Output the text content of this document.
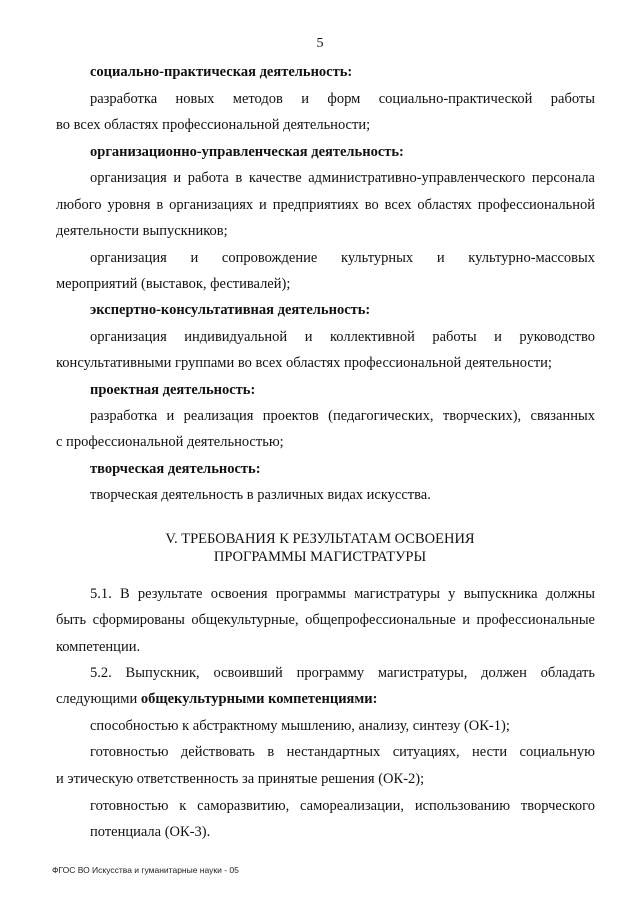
5
социально-практическая деятельность:
разработка новых методов и форм социально-практической работы
во всех областях профессиональной деятельности;
организационно-управленческая деятельность:
организация и работа в качестве административно-управленческого персонала
любого уровня в организациях и предприятиях во всех областях профессиональной
деятельности выпускников;
организация и сопровождение культурных и культурно-массовых
мероприятий (выставок, фестивалей);
экспертно-консультативная деятельность:
организация индивидуальной и коллективной работы и руководство
консультативными группами во всех областях профессиональной деятельности;
проектная деятельность:
разработка и реализация проектов (педагогических, творческих), связанных
с профессиональной деятельностью;
творческая деятельность:
творческая деятельность в различных видах искусства.
V. ТРЕБОВАНИЯ К РЕЗУЛЬТАТАМ ОСВОЕНИЯ
ПРОГРАММЫ МАГИСТРАТУРЫ
5.1. В результате освоения программы магистратуры у выпускника должны
быть сформированы общекультурные, общепрофессиональные и профессиональные
компетенции.
5.2. Выпускник, освоивший программу магистратуры, должен обладать
следующими общекультурными компетенциями:
способностью к абстрактному мышлению, анализу, синтезу (ОК-1);
готовностью действовать в нестандартных ситуациях, нести социальную
и этическую ответственность за принятые решения (ОК-2);
готовностью к саморазвитию, самореализации, использованию творческого
потенциала (ОК-3).
ФГОС ВО Искусства и гуманитарные науки - 05
